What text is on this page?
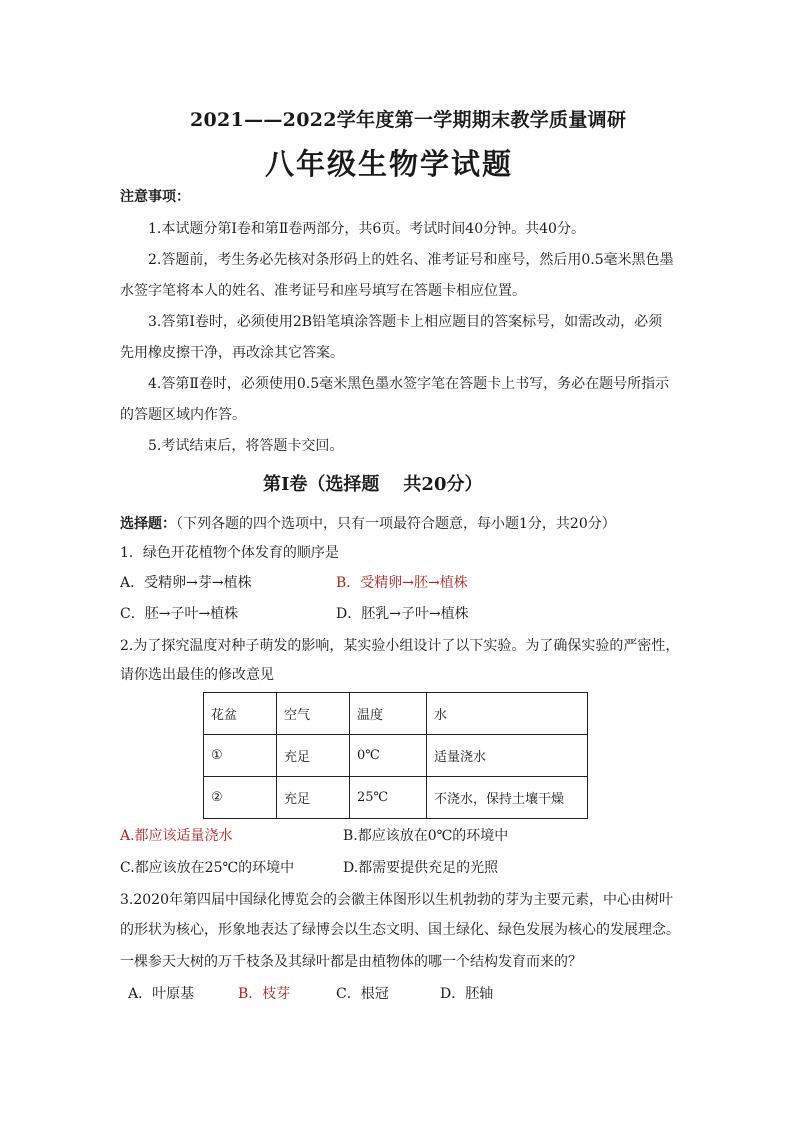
2021——2022学年度第一学期期末教学质量调研
八年级生物学试题
注意事项：
1.本试题分第Ⅰ卷和第Ⅱ卷两部分，共6页。考试时间40分钟。共40分。
2.答题前，考生务必先核对条形码上的姓名、准考证号和座号，然后用0.5毫米黑色墨
水签字笔将本人的姓名、准考证号和座号填写在答题卡相应位置。
3.答第Ⅰ卷时，必须使用2B铅笔填涂答题卡上相应题目的答案标号，如需改动，必须
先用橡皮擦干净，再改涂其它答案。
4.答第Ⅱ卷时，必须使用0.5毫米黑色墨水签字笔在答题卡上书写，务必在题号所指示
的答题区域内作答。
5.考试结束后，将答题卡交回。
第Ⅰ卷（选择题 共20分）
选择题：（下列各题的四个选项中，只有一项最符合题意，每小题1分，共20分）
1．绿色开花植物个体发育的顺序是
A．受精卵→芽→植株	B．受精卵→胚→植株
C．胚→子叶→植株	D．胚乳→子叶→植株
2.为了探究温度对种子萌发的影响，某实验小组设计了以下实验。为了确保实验的严密性，
请你选出最佳的修改意见
花盆	空气	温度	水
①	充足	0℃	适量浇水
②	充足	25℃	不浇水，保持土壤干燥
A.都应该适量浇水	B.都应该放在0℃的环境中
C.都应该放在25℃的环境中	D.都需要提供充足的光照
3.2020年第四届中国绿化博览会的会徽主体图形以生机勃勃的芽为主要元素，中心由树叶
的形状为核心，形象地表达了绿博会以生态文明、国土绿化、绿色发展为核心的发展理念。
一棵参天大树的万千枝条及其绿叶都是由植物体的哪一个结构发育而来的？
A．叶原基	B．枝芽	C．根冠	D．胚轴
